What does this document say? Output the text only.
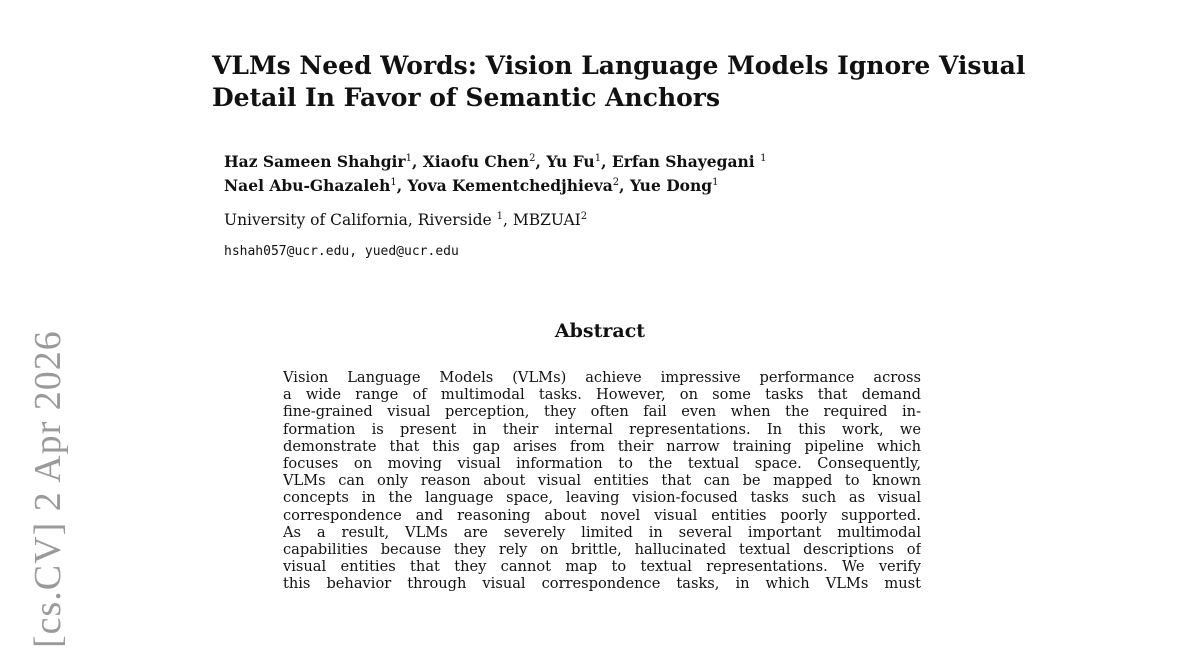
VLMs Need Words: Vision Language Models Ignore Visual
Detail In Favor of Semantic Anchors
Haz Sameen Shahgir$^1$, Xiaofu Chen$^2$, Yu Fu$^1$, Erfan Shayegani $^1$
Nael Abu-Ghazaleh$^1$, Yova Kementchedjhieva$^2$, Yue Dong$^1$
University of California, Riverside $^1$, MBZUAI$^2$
hshah057@ucr.edu, yued@ucr.edu
Abstract
Vision Language Models (VLMs) achieve impressive performance across
a wide range of multimodal tasks. However, on some tasks that demand
fine-grained visual perception, they often fail even when the required in-
formation is present in their internal representations. In this work, we
demonstrate that this gap arises from their narrow training pipeline which
focuses on moving visual information to the textual space. Consequently,
VLMs can only reason about visual entities that can be mapped to known
concepts in the language space, leaving vision-focused tasks such as visual
correspondence and reasoning about novel visual entities poorly supported.
As a result, VLMs are severely limited in several important multimodal
capabilities because they rely on brittle, hallucinated textual descriptions of
visual entities that they cannot map to textual representations. We verify
this behavior through visual correspondence tasks, in which VLMs must
[cs.CV] 2 Apr 2026
